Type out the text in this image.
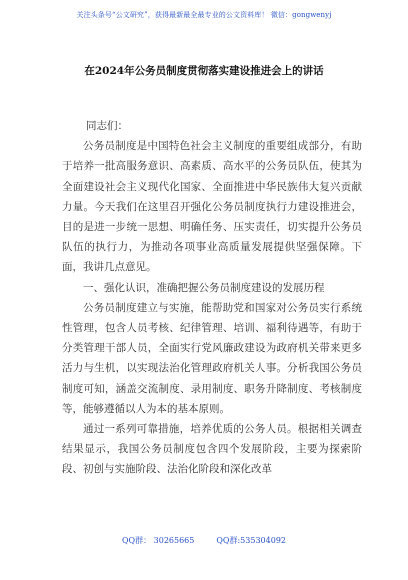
关注头条号“公文研究”，获得最新最全最专业的公文资料库！ 微信：gongwenyj
在2024年公务员制度贯彻落实建设推进会上的讲话

同志们：

公务员制度是中国特色社会主义制度的重要组成部分，有助于培养一批高服务意识、高素质、高水平的公务员队伍，使其为全面建设社会主义现代化国家、全面推进中华民族伟大复兴贡献力量。今天我们在这里召开强化公务员制度执行力建设推进会，目的是进一步统一思想、明确任务、压实责任，切实提升公务员队伍的执行力，为推动各项事业高质量发展提供坚强保障。下面，我讲几点意见。

一、强化认识，准确把握公务员制度建设的发展历程

公务员制度建立与实施，能帮助党和国家对公务员实行系统性管理，包含人员考核、纪律管理、培训、福利待遇等，有助于分类管理干部人员，全面实行党风廉政建设为政府机关带来更多活力与生机，以实现法治化管理政府机关人事。分析我国公务员制度可知，涵盖交流制度、录用制度、职务升降制度、考核制度等，能够遵循以人为本的基本原则。

通过一系列可靠措施，培养优质的公务人员。根据相关调查结果显示，我国公务员制度包含四个发展阶段，主要为探索阶段、初创与实施阶段、法治化阶段和深化改革

QQ群： 30265665	QQ群:535304092
